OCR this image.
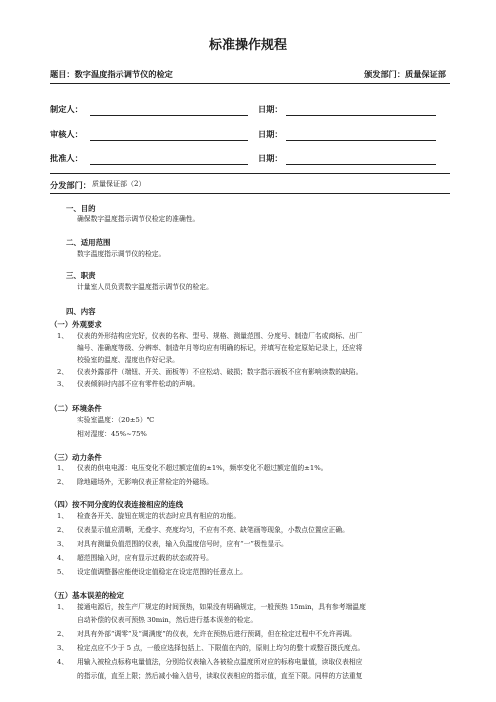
标准操作规程
题目：数字温度指示调节仪的检定	颁发部门：质量保证部
制定人：	日期：
审核人：	日期：
批准人：	日期：
分发部门： 质量保证部（2）
一、目的
确保数字温度指示调节仪检定的准确性。
二、适用范围
数字温度指示调节仪的检定。
三、职责
计量室人员负责数字温度指示调节仪的检定。
四、内容
（一）外观要求
1、 仪表的外形结构应完好，仪表的名称、型号、规格、测量范围、分度号、制造厂名或商标、出厂
编号、准确度等级、分辨率、制造年月等均应有明确的标记，并填写在检定原始记录上，还应将
校验室的温度、湿度也作好记录。
2、 仪表外露部件（端钮、开关、面板等）不应松动、破损；数字指示面板不应有影响读数的缺陷。
3、 仪表倾斜时内部不应有零件松动的声响。
（二）环境条件
实验室温度：（20±5）℃
相对湿度：45%~75%
（三）动力条件
1、 仪表的供电电源：电压变化不超过额定值的±1%，频率变化不超过额定值的±1%。
2、 除地磁场外，无影响仪表正常检定的外磁场。
（四）按不同分度的仪表连接相应的连线
1、 检查各开关、旋钮在规定的状态时应具有相应的功能。
2、 仪表显示值应清晰，无叠字、亮度均匀，不应有不亮、缺笔画等现象，小数点位置应正确。
3、 对具有测量负值范围的仪表，输入负温度信号时，应有“一”极性显示。
4、 超范围输入时，应有显示过载的状态或符号。
5、 设定值调整器应能使设定值稳定在设定范围的任意点上。
（五）基本误差的检定
1、 接通电源后，按生产厂规定的时间预热，如果没有明确规定，一般预热 15min，具有参考端温度
自动补偿的仪表可预热 30min，然后进行基本误差的检定。
2、 对具有外部“调零”及“调满度”的仪表，允许在预热后进行预调，但在检定过程中不允许再调。
3、 检定点应不少于 5 点，一般应选择包括上、下限值在内的，原则上均匀的整十或整百摄氏度点。
4、 用输入被检点标称电量值法，分别给仪表输入各被检点温度所对应的标称电量值，读取仪表相应
的指示值，直至上限；然后减小输入信号，读取仪表相应的指示值，直至下限。同样的方法重复
